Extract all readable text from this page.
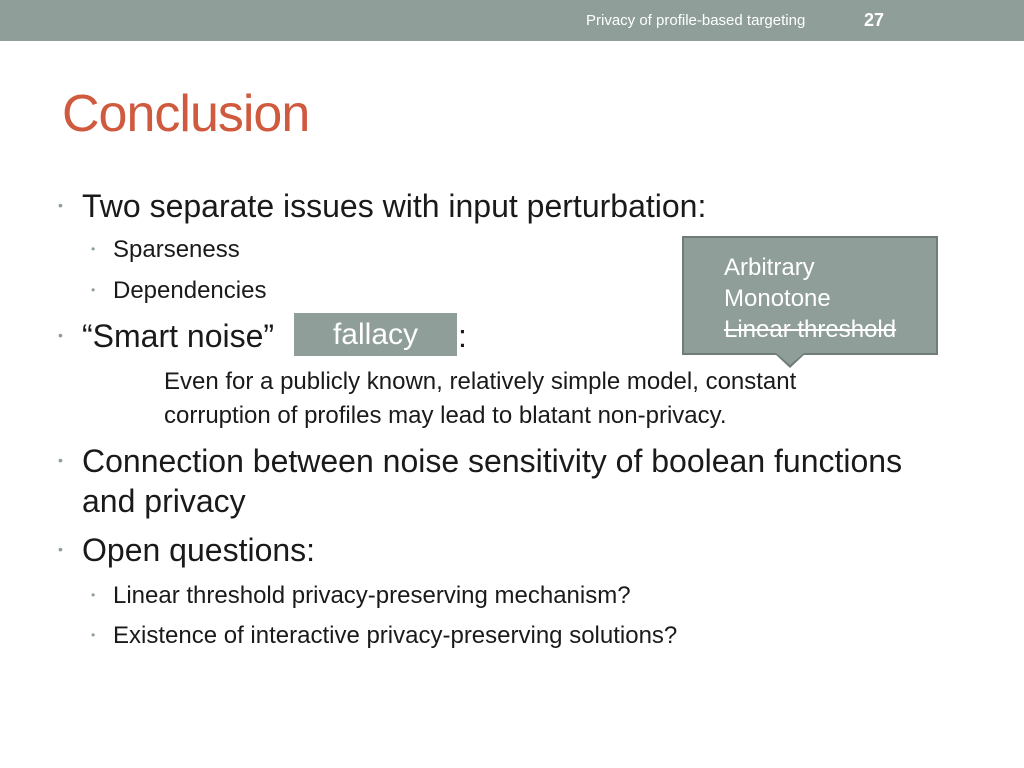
Privacy of profile-based targeting	27
Conclusion
• Two separate issues with input perturbation:
• Sparseness
• Dependencies
• “Smart noise”	:
fallacy
Even for a publicly known, relatively simple model, constant
corruption of profiles may lead to blatant non-privacy.
• Connection between noise sensitivity of boolean functions
and privacy
• Open questions:
• Linear threshold privacy-preserving mechanism?
• Existence of interactive privacy-preserving solutions?
Arbitrary
Monotone
Linear threshold
